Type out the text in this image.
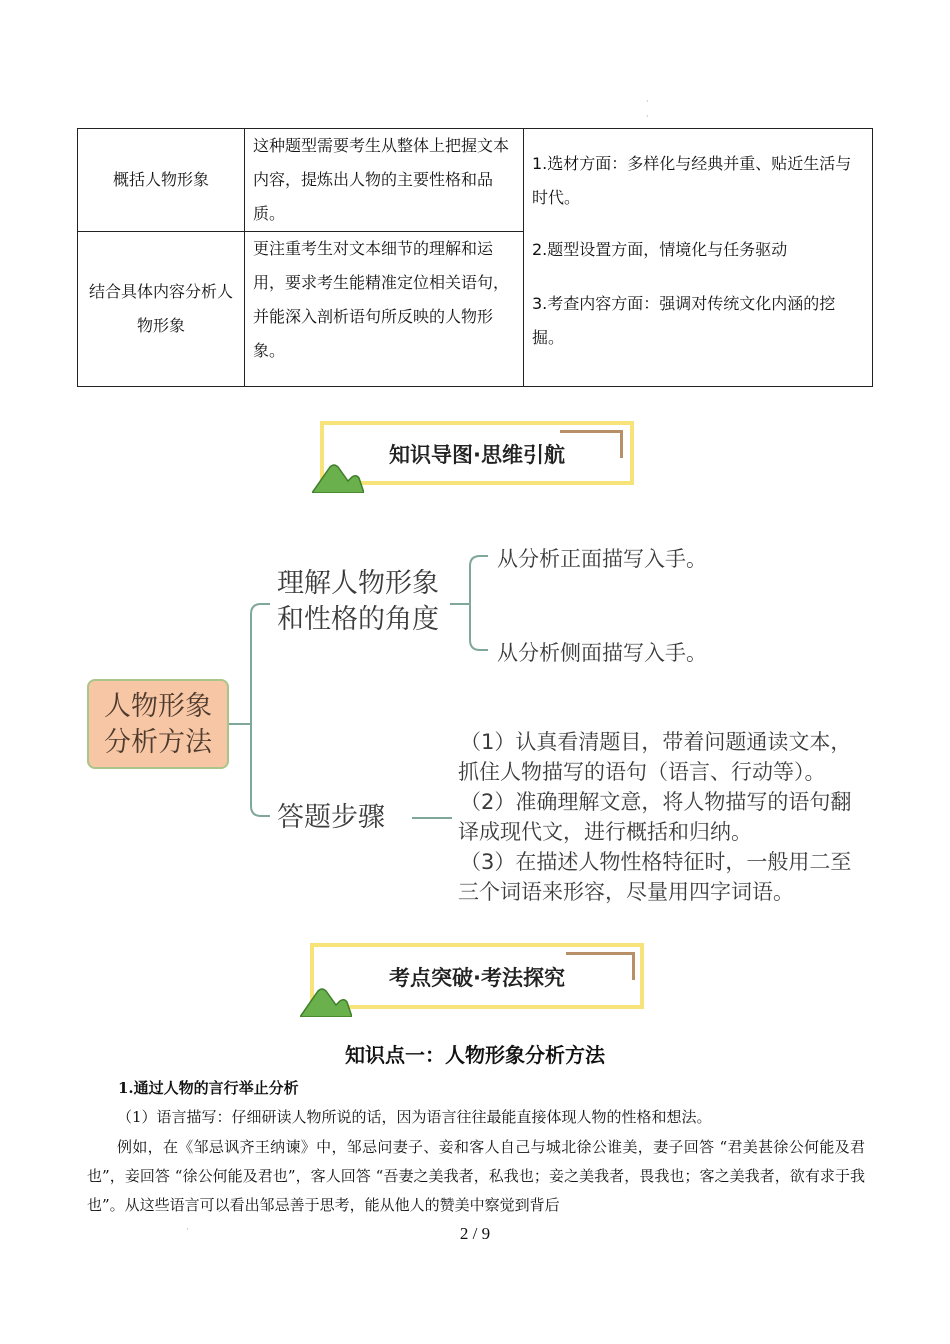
·
·
概括人物形象	这种题型需要考生从整体上把握文本内容，提炼出人物的主要性格和品质。	1.选材方面：多样化与经典并重、贴近生活与时代。

2.题型设置方面，情境化与任务驱动

3.考查内容方面：强调对传统文化内涵的挖掘。

结合具体内容分析人物形象	更注重考生对文本细节的理解和运用，要求考生能精准定位相关语句，并能深入剖析语句所反映的人物形象。	
知识导图·思维引航
人物形象
分析方法
理解人物形象
和性格的角度
从分析正面描写入手。
从分析侧面描写入手。
答题步骤

（1）认真看清题目，带着问题通读文本，

抓住人物描写的语句（语言、行动等）。

（2）准确理解文意，将人物描写的语句翻

译成现代文，进行概括和归纳。

（3）在描述人物性格特征时，一般用二至

三个词语来形容，尽量用四字词语。

考点突破·考法探究
知识点一：人物形象分析方法
1.通过人物的言行举止分析
（1）语言描写：仔细研读人物所说的话，因为语言往往最能直接体现人物的性格和想法。
例如，在《邹忌讽齐王纳谏》中，邹忌问妻子、妾和客人自己与城北徐公谁美，妻子回答 “君美甚徐公何能及君也”，妾回答 “徐公何能及君也”，客人回答 “吾妻之美我者，私我也；妾之美我者，畏我也；客之美我者，欲有求于我也”。从这些语言可以看出邹忌善于思考，能从他人的赞美中察觉到背后
·	2 / 9
